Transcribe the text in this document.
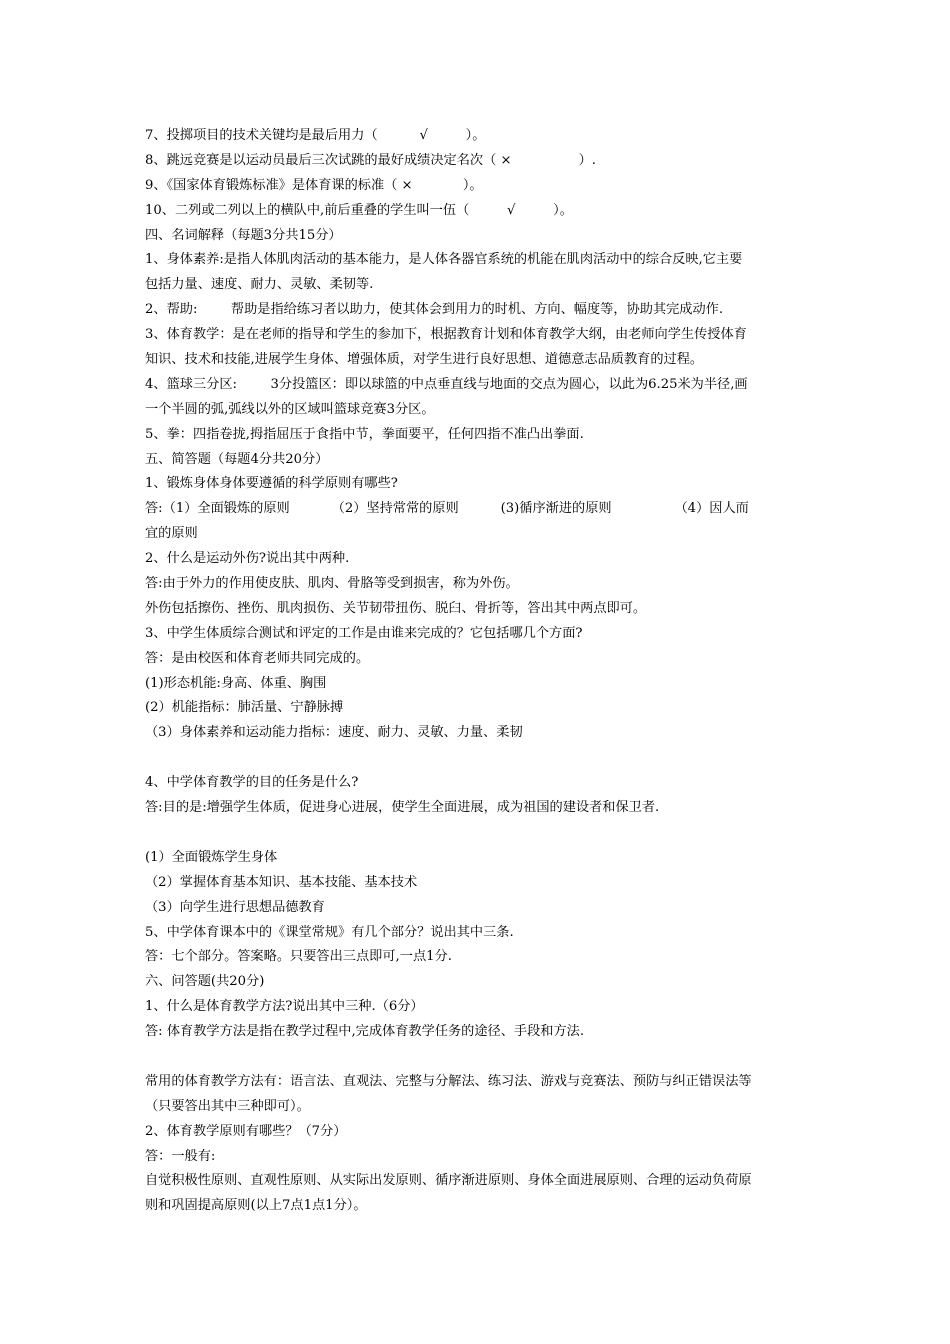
7、投掷项目的技术关键均是最后用力（          √         ）。
8、跳远竞赛是以运动员最后三次试跳的最好成绩决定名次（ ×                ）.
9、《国家体育锻炼标准》是体育课的标准（ ×            ）。
10、二列或二列以上的横队中,前后重叠的学生叫一伍（         √         ）。
四、名词解释（每题3分共15分）
1、身体素养:是指人体肌肉活动的基本能力，是人体各器官系统的机能在肌肉活动中的综合反映,它主要
包括力量、速度、耐力、灵敏、柔韧等.
2、帮助:        帮助是指给练习者以助力，使其体会到用力的时机、方向、幅度等，协助其完成动作.
3、体育教学：是在老师的指导和学生的参加下，根据教育计划和体育教学大纲，由老师向学生传授体育
知识、技术和技能,进展学生身体、增强体质，对学生进行良好思想、道德意志品质教育的过程。
4、篮球三分区:        3分投篮区：即以球篮的中点垂直线与地面的交点为圆心，以此为6.25米为半径,画
一个半圆的弧,弧线以外的区域叫篮球竞赛3分区。
5、拳：四指卷拢,拇指屈压于食指中节，拳面要平，任何四指不准凸出拳面.
五、简答题（每题4分共20分）
1、锻炼身体身体要遵循的科学原则有哪些?
答:（1）全面锻炼的原则          （2）坚持常常的原则          (3)循序渐进的原则               （4）因人而
宜的原则
2、什么是运动外伤?说出其中两种.
答:由于外力的作用使皮肤、肌肉、骨胳等受到损害，称为外伤。
外伤包括擦伤、挫伤、肌肉损伤、关节韧带扭伤、脱臼、骨折等，答出其中两点即可。
3、中学生体质综合测试和评定的工作是由谁来完成的？它包括哪几个方面?
答：是由校医和体育老师共同完成的。
(1)形态机能:身高、体重、胸围
(2）机能指标：肺活量、宁静脉搏
（3）身体素养和运动能力指标：速度、耐力、灵敏、力量、柔韧
4、中学体育教学的目的任务是什么?
答:目的是:增强学生体质，促进身心进展，使学生全面进展，成为祖国的建设者和保卫者.
(1）全面锻炼学生身体
（2）掌握体育基本知识、基本技能、基本技术
（3）向学生进行思想品德教育
5、中学体育课本中的《课堂常规》有几个部分？说出其中三条.
答：七个部分。答案略。只要答出三点即可,一点1分.
六、问答题(共20分)
1、什么是体育教学方法?说出其中三种.（6分）
答: 体育教学方法是指在教学过程中,完成体育教学任务的途径、手段和方法.
常用的体育教学方法有：语言法、直观法、完整与分解法、练习法、游戏与竞赛法、预防与纠正错误法等
（只要答出其中三种即可）。
2、体育教学原则有哪些？（7分）
答：一般有:
自觉积极性原则、直观性原则、从实际出发原则、循序渐进原则、身体全面进展原则、合理的运动负荷原
则和巩固提高原则(以上7点1点1分）。
